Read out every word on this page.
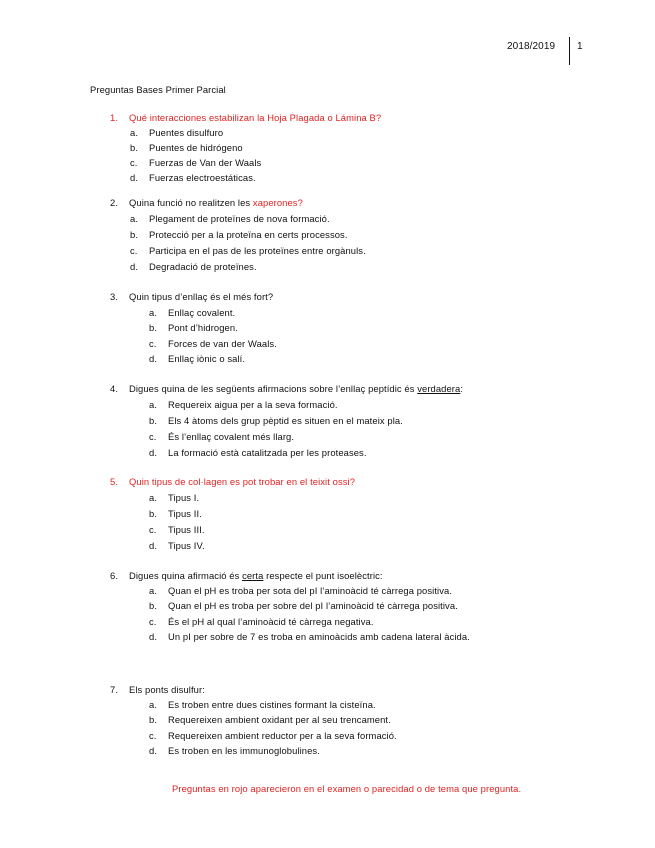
2018/2019 1
Preguntas Bases Primer Parcial
1. Qué interacciones estabilizan la Hoja Plagada o Lámina B?
a. Puentes disulfuro
b. Puentes de hidrógeno
c. Fuerzas de Van der Waals
d. Fuerzas electroestáticas.
2. Quina funció no realitzen les xaperones?
a. Plegament de proteïnes de nova formació.
b. Protecció per a la proteïna en certs processos.
c. Participa en el pas de les proteïnes entre orgànuls.
d. Degradació de proteïnes.
3. Quin tipus d’enllaç és el més fort?
a. Enllaç covalent.
b. Pont d’hidrogen.
c. Forces de van der Waals.
d. Enllaç iònic o salí.
4. Digues quina de les següents afirmacions sobre l’enllaç peptídic és verdadera:
a. Requereix aigua per a la seva formació.
b. Els 4 àtoms dels grup pèptid es situen en el mateix pla.
c. És l’enllaç covalent més llarg.
d. La formació està catalitzada per les proteases.
5. Quin tipus de col·lagen es pot trobar en el teixit ossi?
a. Tipus I.
b. Tipus II.
c. Tipus III.
d. Tipus IV.
6. Digues quina afirmació és certa respecte el punt isoelèctric:
a. Quan el pH es troba per sota del pI l’aminoàcid té càrrega positiva.
b. Quan el pH es troba per sobre del pI l’aminoàcid té càrrega positiva.
c. És el pH al qual l’aminoàcid té càrrega negativa.
d. Un pI per sobre de 7 es troba en aminoàcids amb cadena lateral àcida.
7. Els ponts disulfur:
a. Es troben entre dues cistines formant la cisteïna.
b. Requereixen ambient oxidant per al seu trencament.
c. Requereixen ambient reductor per a la seva formació.
d. Es troben en les immunoglobulines.
Preguntas en rojo aparecieron en el examen o parecidad o de tema que pregunta.
